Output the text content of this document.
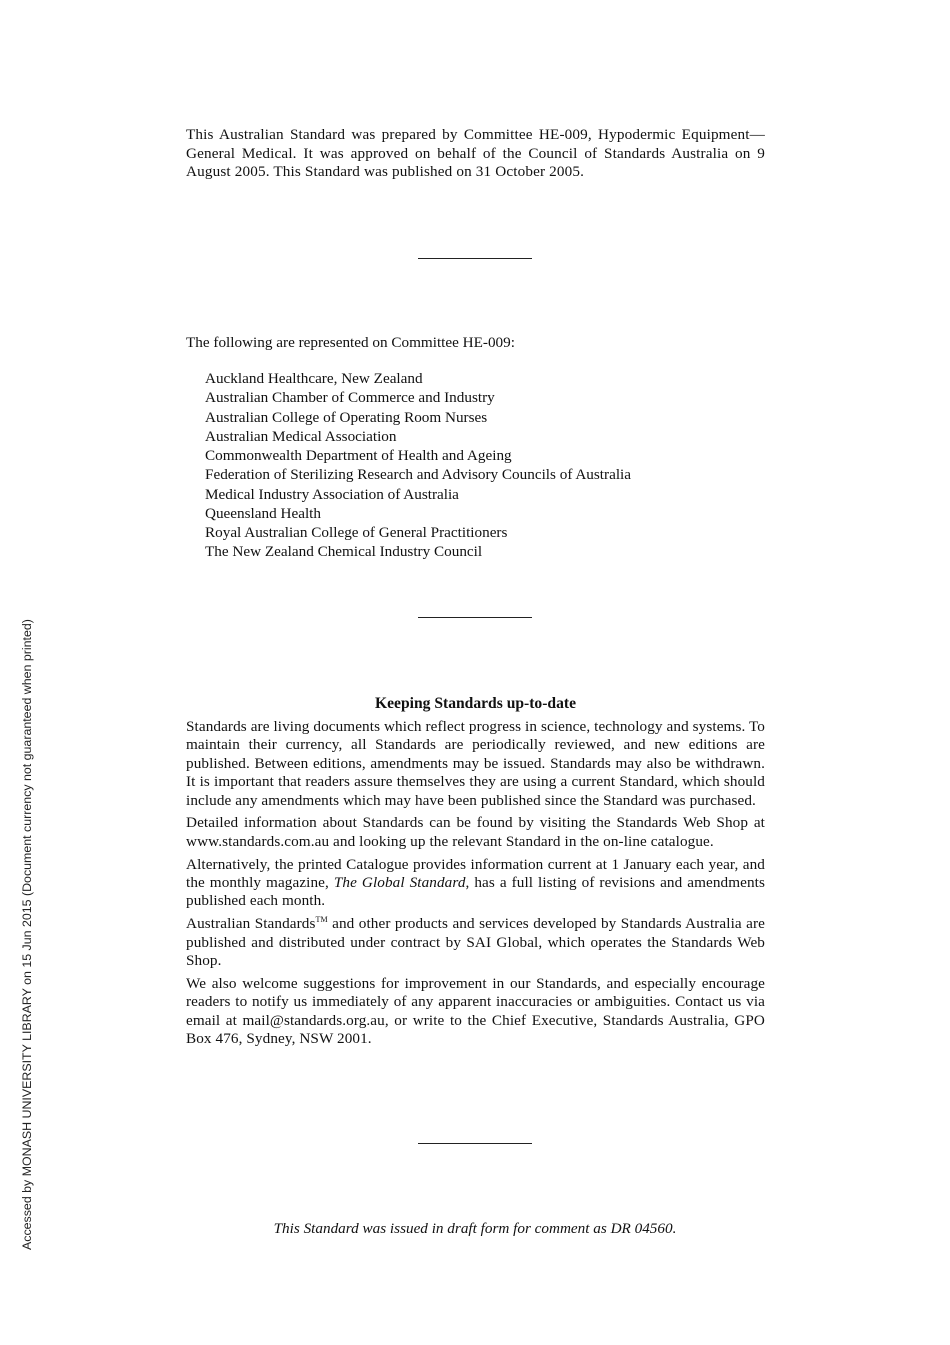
This Australian Standard was prepared by Committee HE-009, Hypodermic Equipment—General Medical. It was approved on behalf of the Council of Standards Australia on 9 August 2005. This Standard was published on 31 October 2005.
The following are represented on Committee HE-009:
Auckland Healthcare, New Zealand
Australian Chamber of Commerce and Industry
Australian College of Operating Room Nurses
Australian Medical Association
Commonwealth Department of Health and Ageing
Federation of Sterilizing Research and Advisory Councils of Australia
Medical Industry Association of Australia
Queensland Health
Royal Australian College of General Practitioners
The New Zealand Chemical Industry Council
Keeping Standards up-to-date

Standards are living documents which reflect progress in science, technology and systems. To maintain their currency, all Standards are periodically reviewed, and new editions are published. Between editions, amendments may be issued. Standards may also be withdrawn. It is important that readers assure themselves they are using a current Standard, which should include any amendments which may have been published since the Standard was purchased.

Detailed information about Standards can be found by visiting the Standards Web Shop at www.standards.com.au and looking up the relevant Standard in the on-line catalogue.

Alternatively, the printed Catalogue provides information current at 1 January each year, and the monthly magazine, The Global Standard, has a full listing of revisions and amendments published each month.

Australian Standards™ and other products and services developed by Standards Australia are published and distributed under contract by SAI Global, which operates the Standards Web Shop.

We also welcome suggestions for improvement in our Standards, and especially encourage readers to notify us immediately of any apparent inaccuracies or ambiguities. Contact us via email at mail@standards.org.au, or write to the Chief Executive, Standards Australia, GPO Box 476, Sydney, NSW 2001.

This Standard was issued in draft form for comment as DR 04560.
Accessed by MONASH UNIVERSITY LIBRARY on 15 Jun 2015 (Document currency not guaranteed when printed)
